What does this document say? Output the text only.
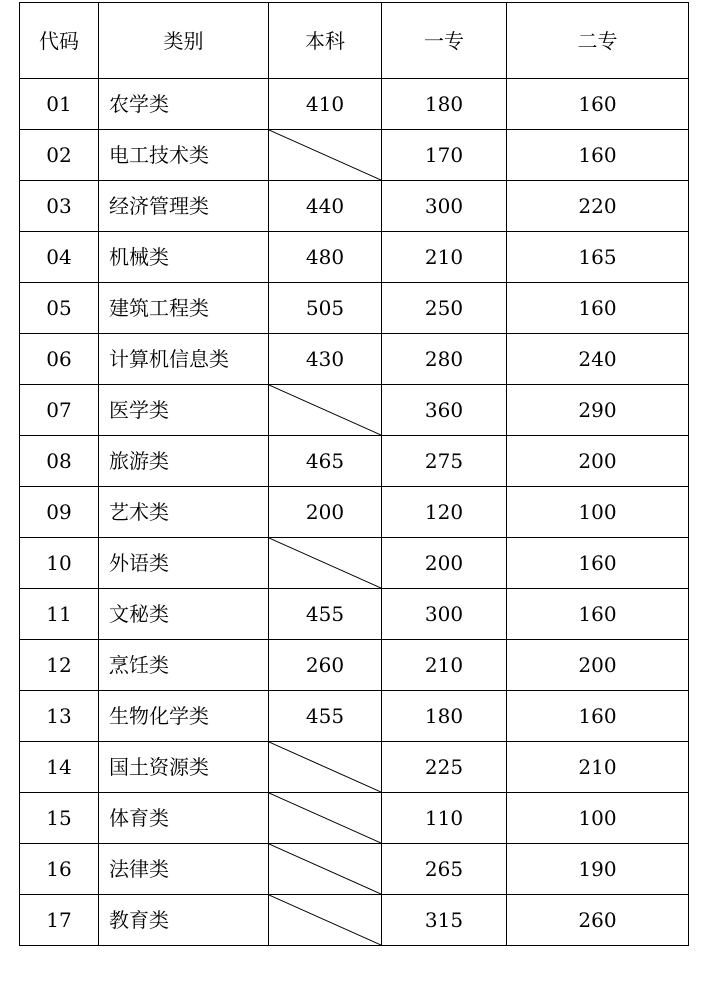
代码	类别	本科	一专	二专
01	农学类	410	180	160
02	电工技术类		170	160
03	经济管理类	440	300	220
04	机械类	480	210	165
05	建筑工程类	505	250	160
06	计算机信息类	430	280	240
07	医学类		360	290
08	旅游类	465	275	200
09	艺术类	200	120	100
10	外语类		200	160
11	文秘类	455	300	160
12	烹饪类	260	210	200
13	生物化学类	455	180	160
14	国土资源类		225	210
15	体育类		110	100
16	法律类		265	190
17	教育类		315	260
